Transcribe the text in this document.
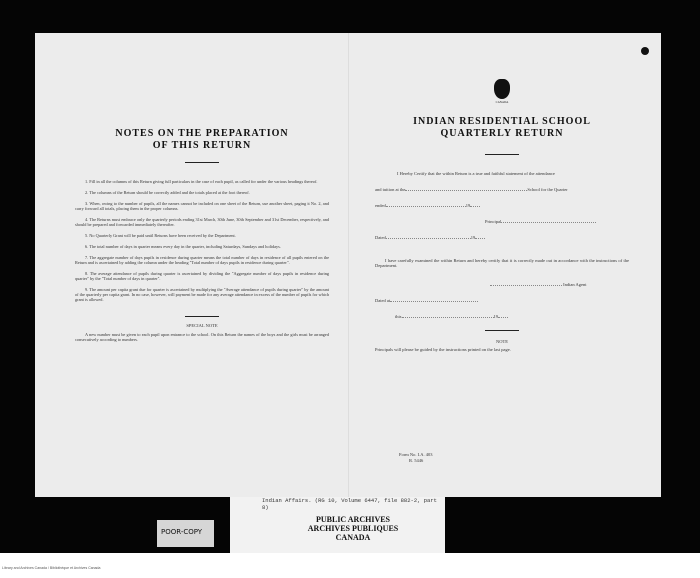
NOTES ON THE PREPARATION
OF THIS RETURN

1. Fill in all the columns of this Return giving full particulars in the case of each pupil, as called for under the various headings thereof.

2. The columns of the Return should be correctly added and the totals placed at the foot thereof.

3. When, owing to the number of pupils, all the names cannot be included on one sheet of the Return, use another sheet, paging it No. 2, and carry forward all totals, placing them in the proper columns.

4. The Returns must embrace only the quarterly periods ending 31st March, 30th June, 30th September and 31st December, respectively, and should be prepared and forwarded immediately thereafter.

5. No Quarterly Grant will be paid until Returns have been received by the Department.

6. The total number of days in quarter means every day in the quarter, including Saturdays, Sundays and holidays.

7. The aggregate number of days pupils in residence during quarter means the total number of days in residence of all pupils entered on the Return and is ascertained by adding the column under the heading "Total number of days pupils in residence during quarter".

8. The average attendance of pupils during quarter is ascertained by dividing the "Aggregate number of days pupils in residence during quarter" by the "Total number of days in quarter".

9. The amount per capita grant due for quarter is ascertained by multiplying the "Average attendance of pupils during quarter" by the amount of the quarterly per capita grant. In no case, however, will payment be made for any average attendance in excess of the number of pupils for which grant is allowed.

SPECIAL NOTE

A new number must be given to each pupil upon entrance to the school. On this Return the names of the boys and the girls must be arranged consecutively according to numbers.

CANADA
INDIAN RESIDENTIAL SCHOOL
QUARTERLY RETURN
I Hereby Certify that the within Return is a true and faithful statement of the attendance
and tuition at the	School for the Quarter
ended	19
Principal
Dated	19

I have carefully examined the within Return and hereby certify that it is correctly made out in accordance with the instructions of the Department.

Indian Agent
Dated at
this	19

NOTE

Principals will please be guided by the instructions printed on the last page.

Form No. I.A. 403
R. 5446
Indian Affairs. (RG 10, Volume 6447, file 882-2, part 8)
PUBLIC ARCHIVES
ARCHIVES PUBLIQUES
CANADA
POOR-COPY
Library and Archives Canada / Bibliothèque et Archives Canada
